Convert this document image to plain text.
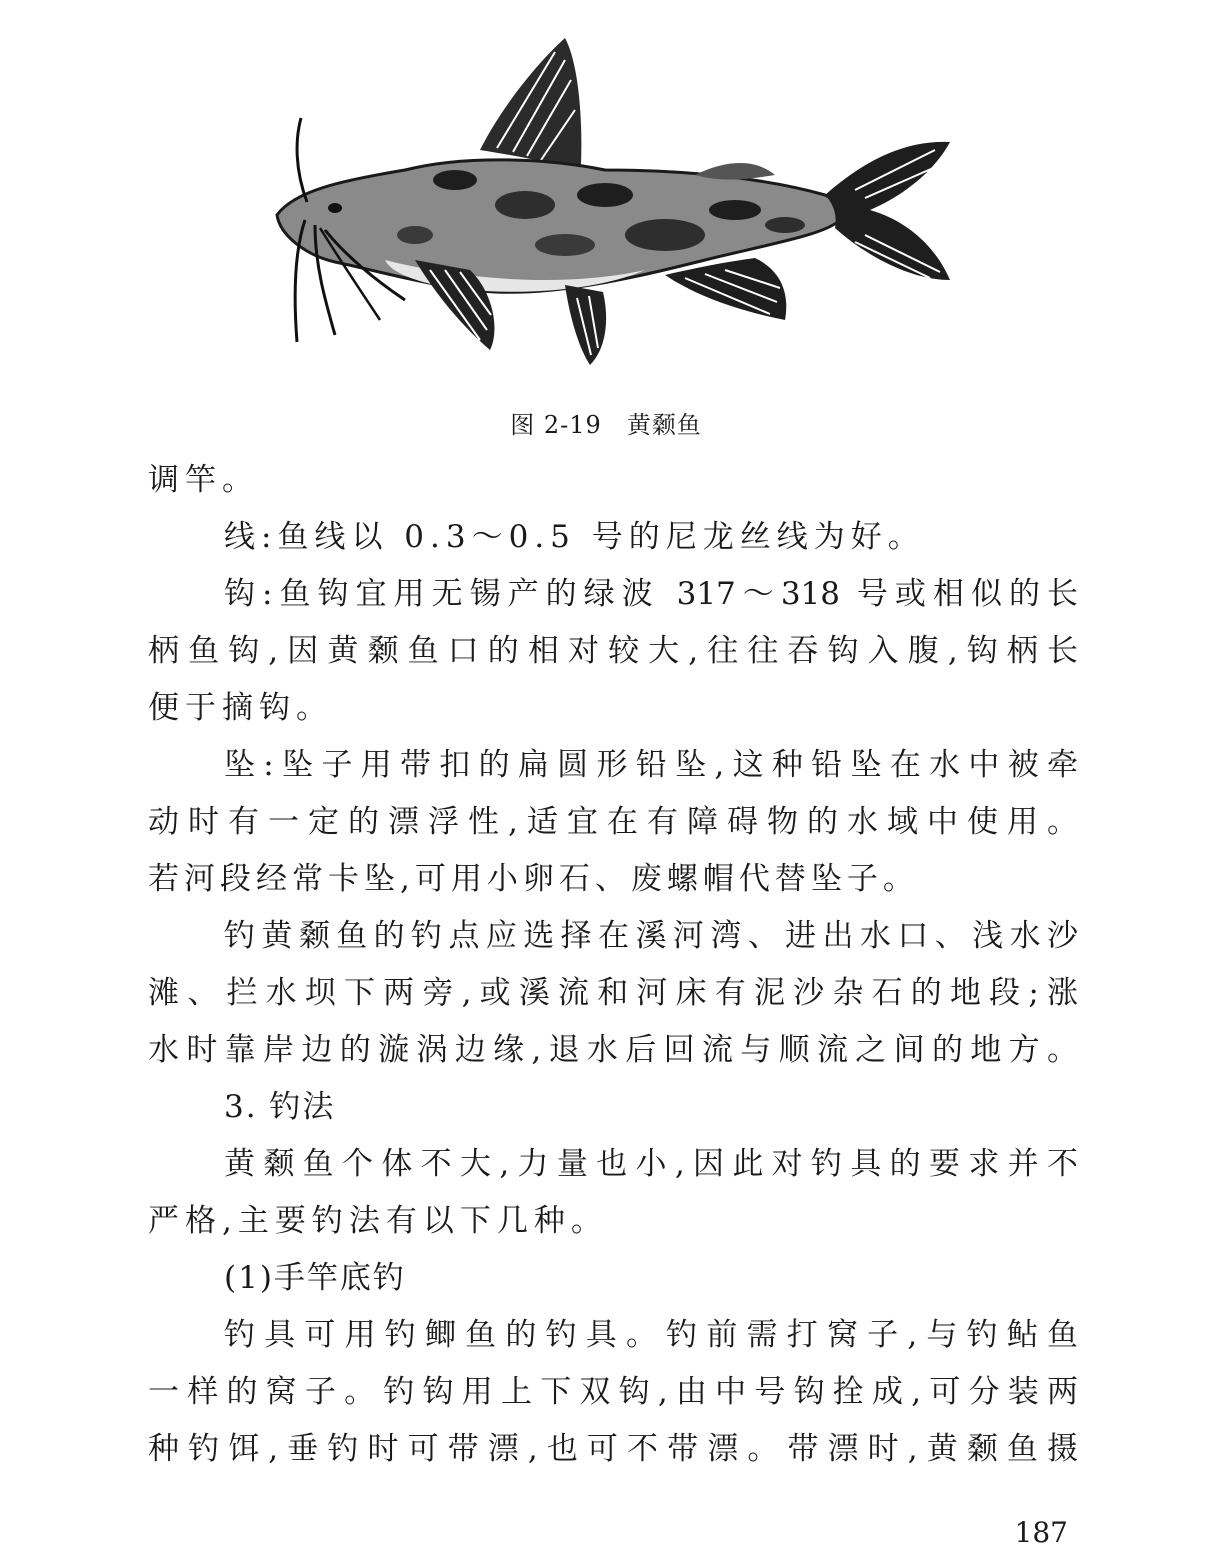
图 2-19　黄颡鱼
调竿。
线:鱼线以 0.3～0.5 号的尼龙丝线为好。
钩:鱼钩宜用无锡产的绿波 317～318 号或相似的长
柄鱼钩,因黄颡鱼口的相对较大,往往吞钩入腹,钩柄长
便于摘钩。
坠:坠子用带扣的扁圆形铅坠,这种铅坠在水中被牵
动时有一定的漂浮性,适宜在有障碍物的水域中使用。
若河段经常卡坠,可用小卵石、废螺帽代替坠子。
钓黄颡鱼的钓点应选择在溪河湾、进出水口、浅水沙
滩、拦水坝下两旁,或溪流和河床有泥沙杂石的地段;涨
水时靠岸边的漩涡边缘,退水后回流与顺流之间的地方。
3. 钓法
黄颡鱼个体不大,力量也小,因此对钓具的要求并不
严格,主要钓法有以下几种。
(1)手竿底钓
钓具可用钓鲫鱼的钓具。钓前需打窝子,与钓鲇鱼
一样的窝子。钓钩用上下双钩,由中号钩拴成,可分装两
种钓饵,垂钓时可带漂,也可不带漂。带漂时,黄颡鱼摄
187
